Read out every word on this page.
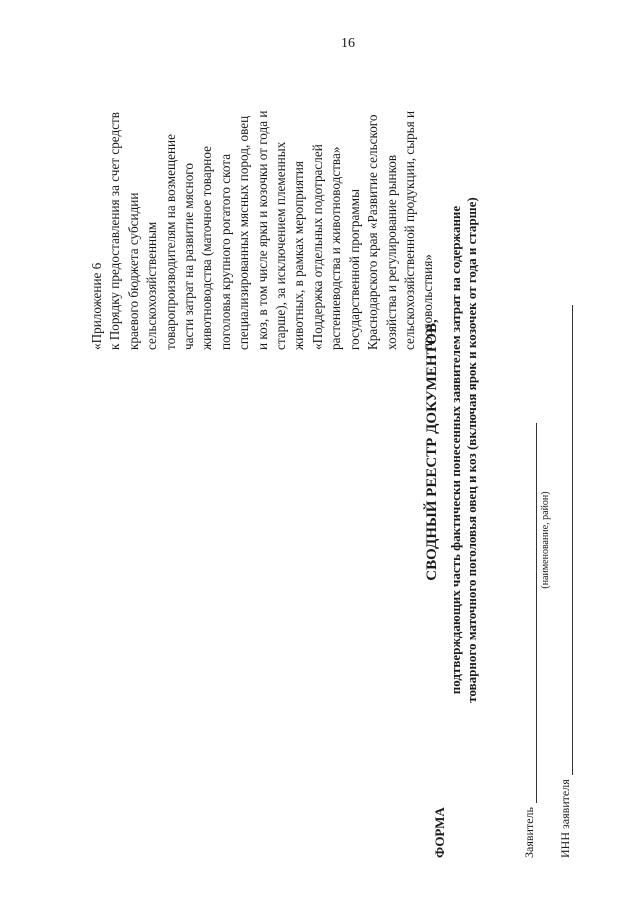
16
«Приложение 6 к Порядку предоставления за счет средств краевого бюджета субсидии сельскохозяйственным товаропроизводителям на возмещение части затрат на развитие мясного животноводства (маточное товарное поголовья крупного рогатого скота специализированных мясных пород, овец и коз, в том числе ярки и козочки от года и старше), за исключением племенных животных, в рамках мероприятия «Поддержка отдельных подотраслей растениеводства и животноводства» государственной программы Краснодарского края «Развитие сельского хозяйства и регулирование рынков сельскохозяйственной продукции, сырья и продовольствия»
ФОРМА
СВОДНЫЙ РЕЕСТР ДОКУМЕНТОВ, подтверждающих часть фактически понесенных заявителем затрат на содержание товарного маточного поголовья овец и коз (включая ярок и козочек от года и старше)
Заявитель
(наименование, район)
ИНН заявителя
